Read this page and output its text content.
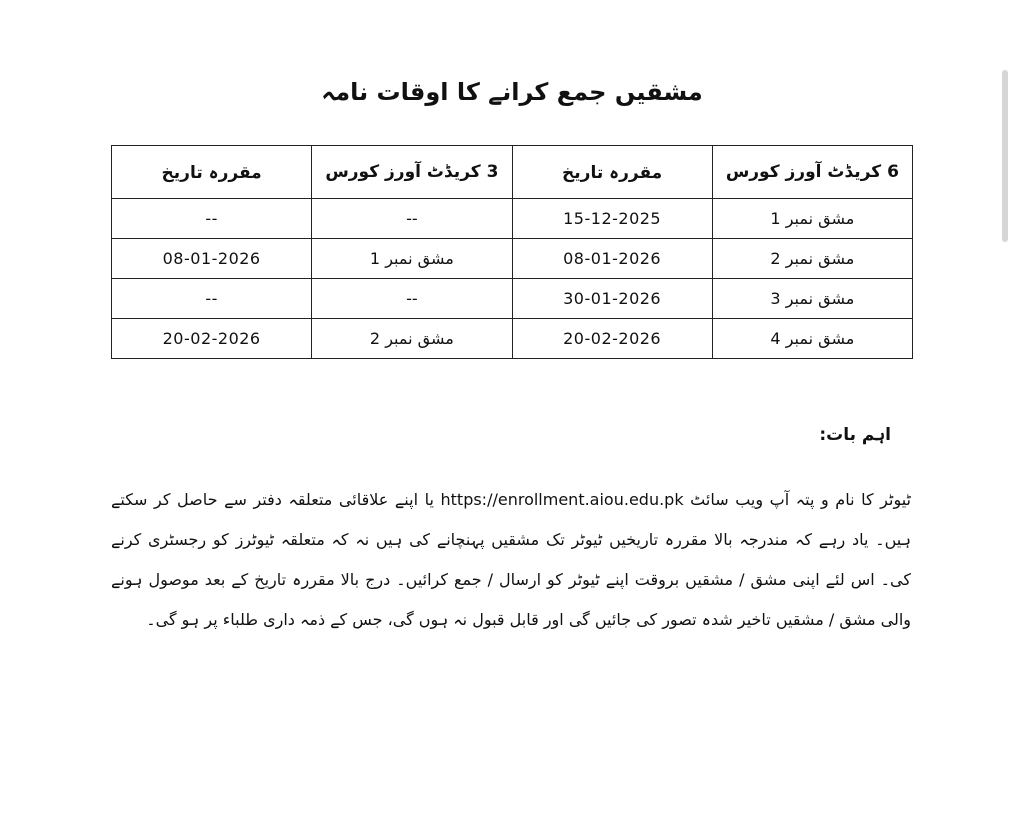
مشقیں جمع کرانے کا اوقات نامہ
6 کریڈٹ آورز کورس	مقررہ تاریخ	3 کریڈٹ آورز کورس	مقررہ تاریخ
مشق نمبر 1	15-12-2025	--	--
مشق نمبر 2	08-01-2026	مشق نمبر 1	08-01-2026
مشق نمبر 3	30-01-2026	--	--
مشق نمبر 4	20-02-2026	مشق نمبر 2	20-02-2026
اہم بات:
ٹیوٹر کا نام و پتہ آپ ویب سائٹ https://enrollment.aiou.edu.pk یا اپنے علاقائی متعلقہ دفتر سے حاصل کر سکتے ہیں۔ یاد رہے کہ مندرجہ بالا مقررہ تاریخیں ٹیوٹر تک مشقیں پہنچانے کی ہیں نہ کہ متعلقہ ٹیوٹرز کو رجسٹری کرنے کی۔ اس لئے اپنی مشق / مشقیں بروقت اپنے ٹیوٹر کو ارسال / جمع کرائیں۔ درج بالا مقررہ تاریخ کے بعد موصول ہونے والی مشق / مشقیں تاخیر شدہ تصور کی جائیں گی اور قابل قبول نہ ہوں گی، جس کے ذمہ داری طلباء پر ہو گی۔
